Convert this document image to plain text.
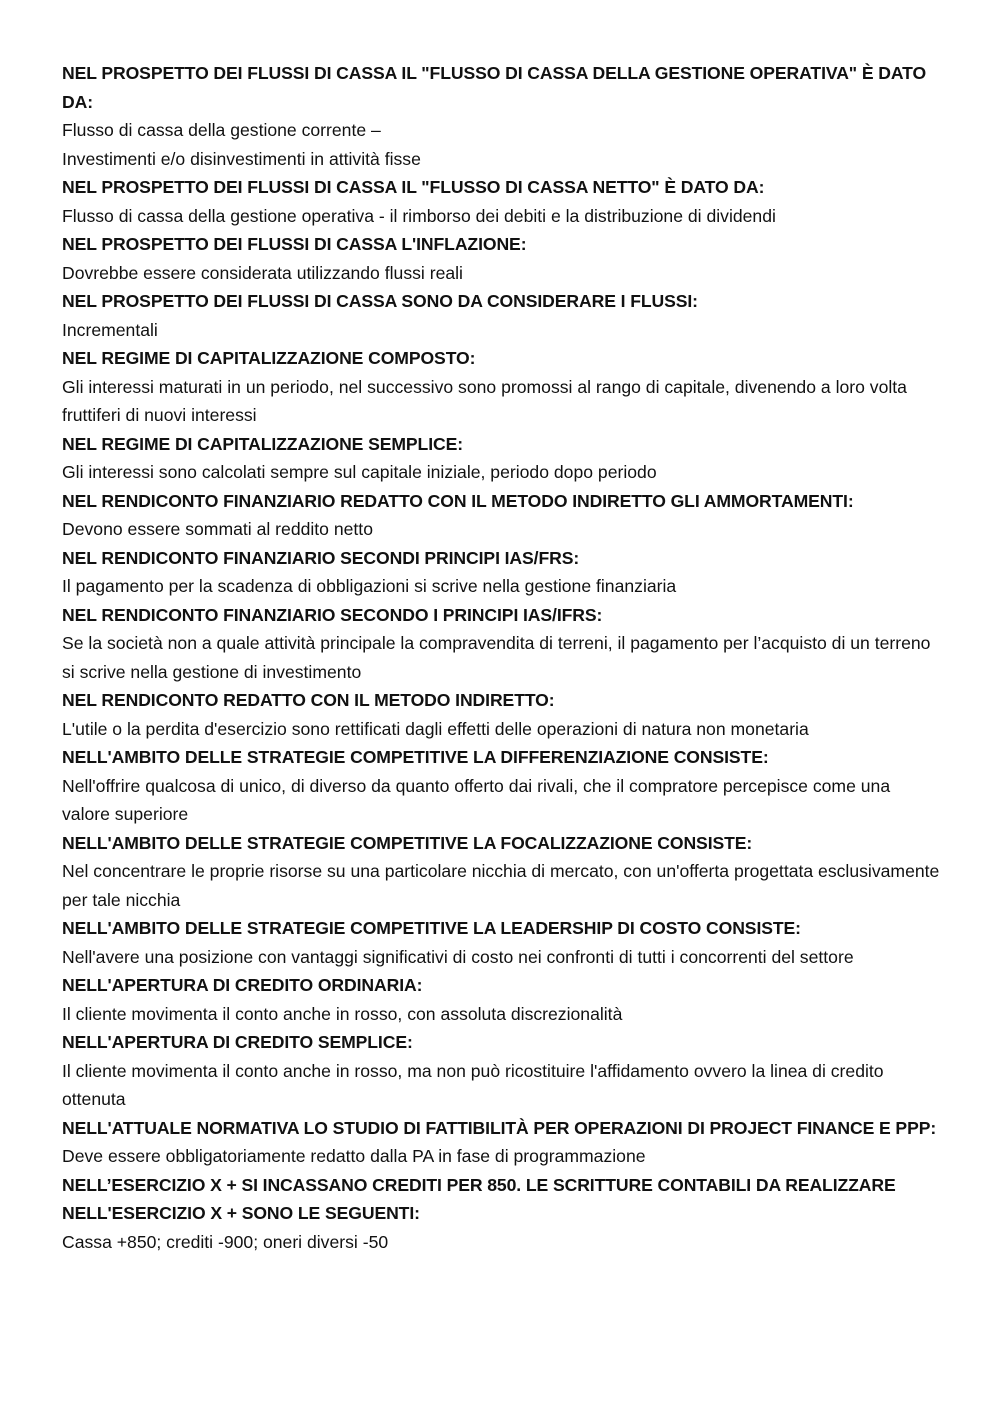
NEL PROSPETTO DEI FLUSSI DI CASSA IL "FLUSSO DI CASSA DELLA GESTIONE OPERATIVA" È DATO DA:
Flusso di cassa della gestione corrente –
Investimenti e/o disinvestimenti in attività fisse
NEL PROSPETTO DEI FLUSSI DI CASSA IL "FLUSSO DI CASSA NETTO" È DATO DA:
Flusso di cassa della gestione operativa - il rimborso dei debiti e la distribuzione di dividendi
NEL PROSPETTO DEI FLUSSI DI CASSA L'INFLAZIONE:
Dovrebbe essere considerata utilizzando flussi reali
NEL PROSPETTO DEI FLUSSI DI CASSA SONO DA CONSIDERARE I FLUSSI:
Incrementali
NEL REGIME DI CAPITALIZZAZIONE COMPOSTO:
Gli interessi maturati in un periodo, nel successivo sono promossi al rango di capitale, divenendo a loro volta fruttiferi di nuovi interessi
NEL REGIME DI CAPITALIZZAZIONE SEMPLICE:
Gli interessi sono calcolati sempre sul capitale iniziale, periodo dopo periodo
NEL RENDICONTO FINANZIARIO REDATTO CON IL METODO INDIRETTO GLI AMMORTAMENTI:
Devono essere sommati al reddito netto
NEL RENDICONTO FINANZIARIO SECONDI PRINCIPI IAS/FRS:
Il pagamento per la scadenza di obbligazioni si scrive nella gestione finanziaria
NEL RENDICONTO FINANZIARIO SECONDO I PRINCIPI IAS/IFRS:
Se la società non a quale attività principale la compravendita di terreni, il pagamento per l’acquisto di un terreno si scrive nella gestione di investimento
NEL RENDICONTO REDATTO CON IL METODO INDIRETTO:
L'utile o la perdita d'esercizio sono rettificati dagli effetti delle operazioni di natura non monetaria
NELL'AMBITO DELLE STRATEGIE COMPETITIVE LA DIFFERENZIAZIONE CONSISTE:
Nell'offrire qualcosa di unico, di diverso da quanto offerto dai rivali, che il compratore percepisce come una valore superiore
NELL'AMBITO DELLE STRATEGIE COMPETITIVE LA FOCALIZZAZIONE CONSISTE:
Nel concentrare le proprie risorse su una particolare nicchia di mercato, con un'offerta progettata esclusivamente per tale nicchia
NELL'AMBITO DELLE STRATEGIE COMPETITIVE LA LEADERSHIP DI COSTO CONSISTE:
Nell'avere una posizione con vantaggi significativi di costo nei confronti di tutti i concorrenti del settore
NELL'APERTURA DI CREDITO ORDINARIA:
Il cliente movimenta il conto anche in rosso, con assoluta discrezionalità
NELL'APERTURA DI CREDITO SEMPLICE:
Il cliente movimenta il conto anche in rosso, ma non può ricostituire l'affidamento ovvero la linea di credito ottenuta
NELL'ATTUALE NORMATIVA LO STUDIO DI FATTIBILITÀ PER OPERAZIONI DI PROJECT FINANCE E PPP:
Deve essere obbligatoriamente redatto dalla PA in fase di programmazione
NELL’ESERCIZIO X + SI INCASSANO CREDITI PER 850. LE SCRITTURE CONTABILI DA REALIZZARE NELL'ESERCIZIO X + SONO LE SEGUENTI:
Cassa +850; crediti -900; oneri diversi -50
